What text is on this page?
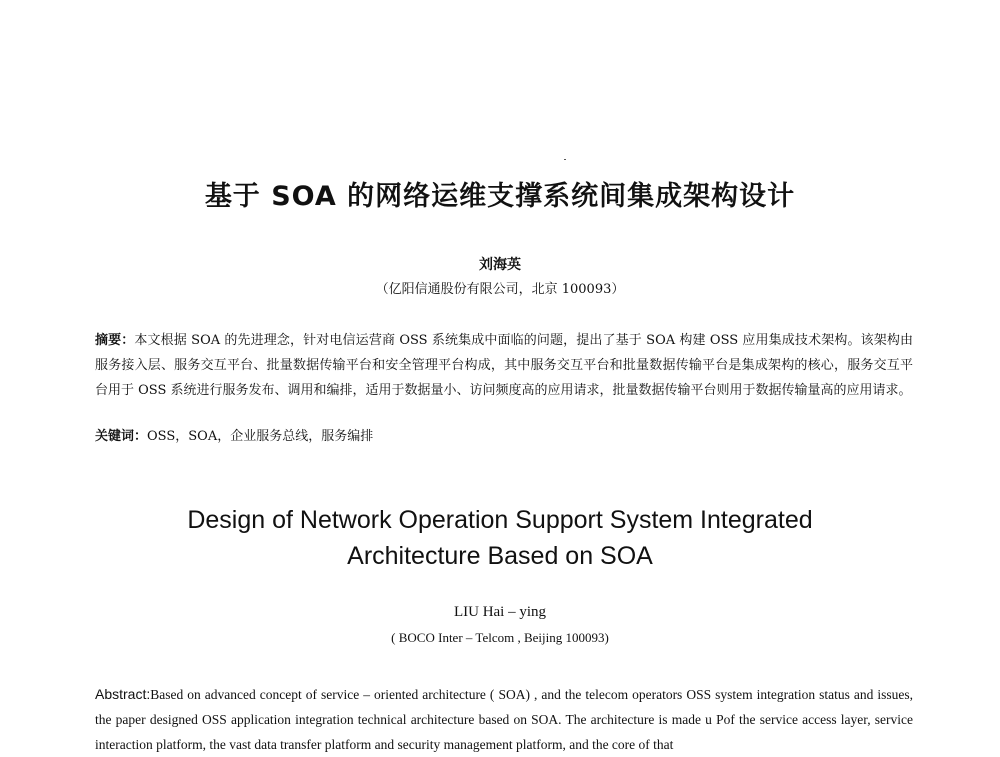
基于 SOA 的网络运维支撑系统间集成架构设计
刘海英
（亿阳信通股份有限公司，北京 100093）
摘要：本文根据 SOA 的先进理念，针对电信运营商 OSS 系统集成中面临的问题，提出了基于 SOA 构建 OSS 应用集成技术架构。该架构由服务接入层、服务交互平台、批量数据传输平台和安全管理平台构成，其中服务交互平台和批量数据传输平台是集成架构的核心，服务交互平台用于 OSS 系统进行服务发布、调用和编排，适用于数据量小、访问频度高的应用请求，批量数据传输平台则用于数据传输量高的应用请求。
关键词：OSS，SOA，企业服务总线，服务编排
Design of Network Operation Support System Integrated
Architecture Based on SOA
LIU Hai – ying
( BOCO Inter – Telcom , Beijing 100093)
Abstract:Based on advanced concept of service – oriented architecture ( SOA) , and the telecom operators OSS system integration status and issues, the paper designed OSS application integration technical architecture based on SOA. The architecture is made u Pof the service access layer, service interaction platform, the vast data transfer platform and security management platform, and the core of that
